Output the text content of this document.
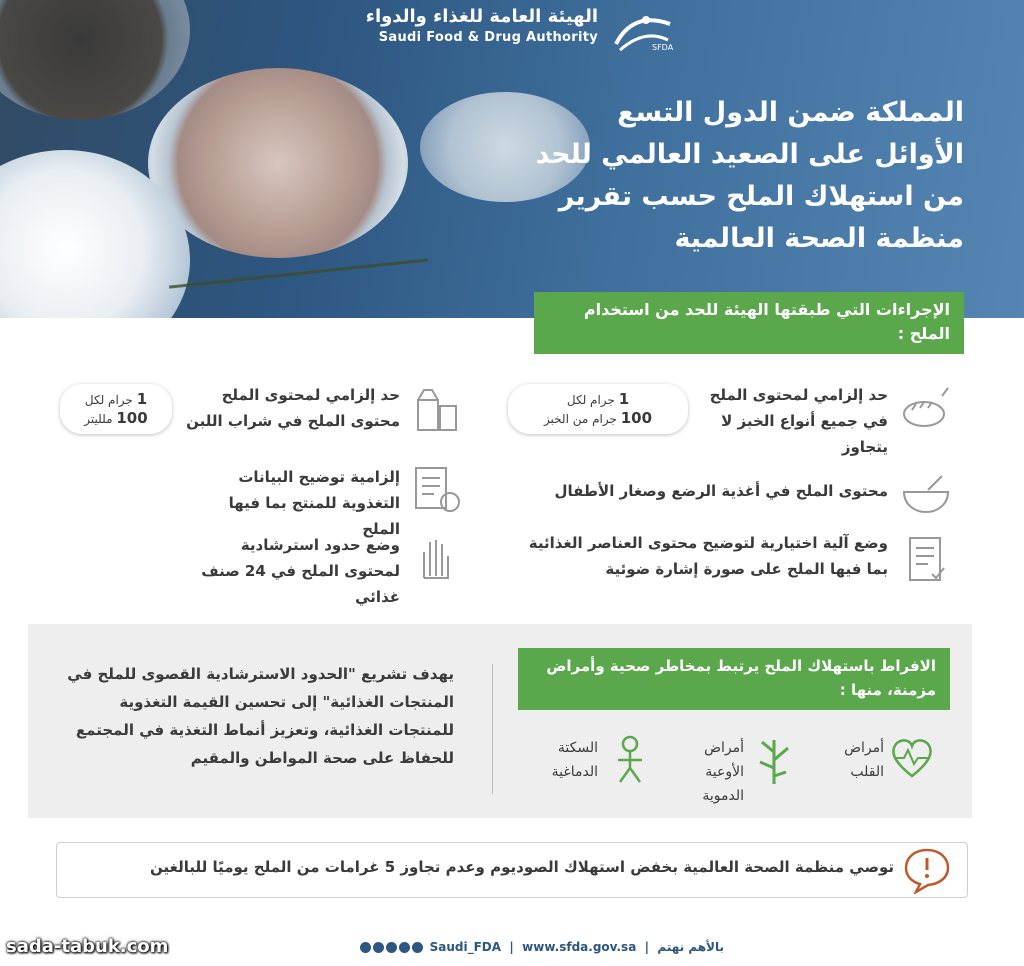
SFDA
الهيئة العامة للغذاء والدواء
Saudi Food & Drug Authority
المملكة ضمن الدول التسع
الأوائل على الصعيد العالمي للحد
من استهلاك الملح حسب تقرير
منظمة الصحة العالمية
الإجراءات التي طبقتها الهيئة للحد من استخدام الملح :
حد إلزامي لمحتوى الملح في جميع أنواع الخبز لا يتجاوز
1 جرام لكل
100 جرام من الخبز
حد إلزامي لمحتوى الملح محتوى الملح في شراب اللبن
1 جرام لكل
100 ملليتر
محتوى الملح في أغذية الرضع وصغار الأطفال
إلزامية توضيح البيانات التغذوية للمنتج بما فيها الملح
وضع آلية اختيارية لتوضيح محتوى العناصر الغذائية بما فيها الملح على صورة إشارة ضوئية
وضع حدود استرشادية لمحتوى الملح في 24 صنف غذائي
الافراط باستهلاك الملح يرتبط بمخاطر صحية وأمراض مزمنة، منها :
يهدف تشريع "الحدود الاسترشادية القصوى للملح في المنتجات الغذائية" إلى تحسين القيمة التغذوية للمنتجات الغذائية، وتعزيز أنماط التغذية في المجتمع للحفاظ على صحة المواطن والمقيم
أمراض القلب
أمراض الأوعية الدموية
السكتة الدماغية
توصي منظمة الصحة العالمية بخفض استهلاك الصوديوم وعدم تجاوز 5 غرامات من الملح يوميًا للبالغين
Saudi_FDA | www.sfda.gov.sa | بالأهم نهتم
sada-tabuk.com
